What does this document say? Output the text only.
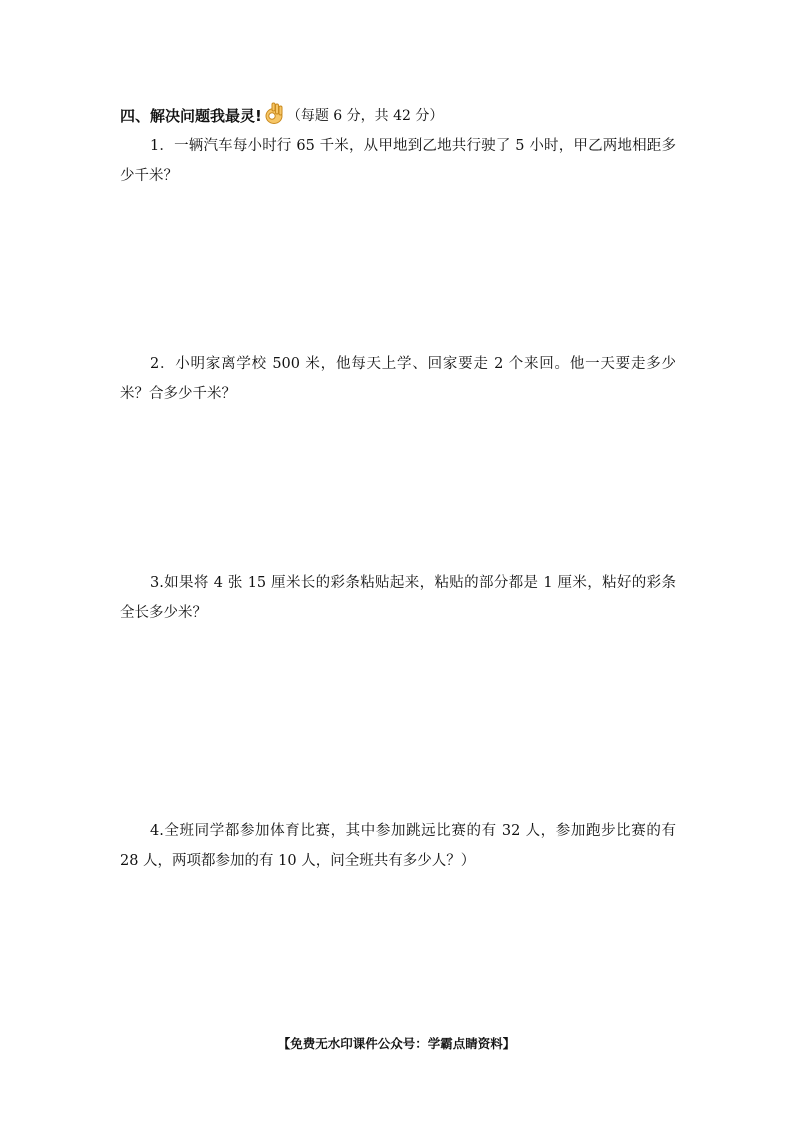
四、解决问题我最灵! （每题 6 分，共 42 分）

1．一辆汽车每小时行 65 千米，从甲地到乙地共行驶了 5 小时，甲乙两地相距多少千米？

2．小明家离学校 500 米，他每天上学、回家要走 2 个来回。他一天要走多少米？合多少千米？

3.如果将 4 张 15 厘米长的彩条粘贴起来，粘贴的部分都是 1 厘米，粘好的彩条全长多少米？

4.全班同学都参加体育比赛，其中参加跳远比赛的有 32 人，参加跑步比赛的有 28 人，两项都参加的有 10 人，问全班共有多少人？）

【免费无水印课件公众号：学霸点睛资料】
